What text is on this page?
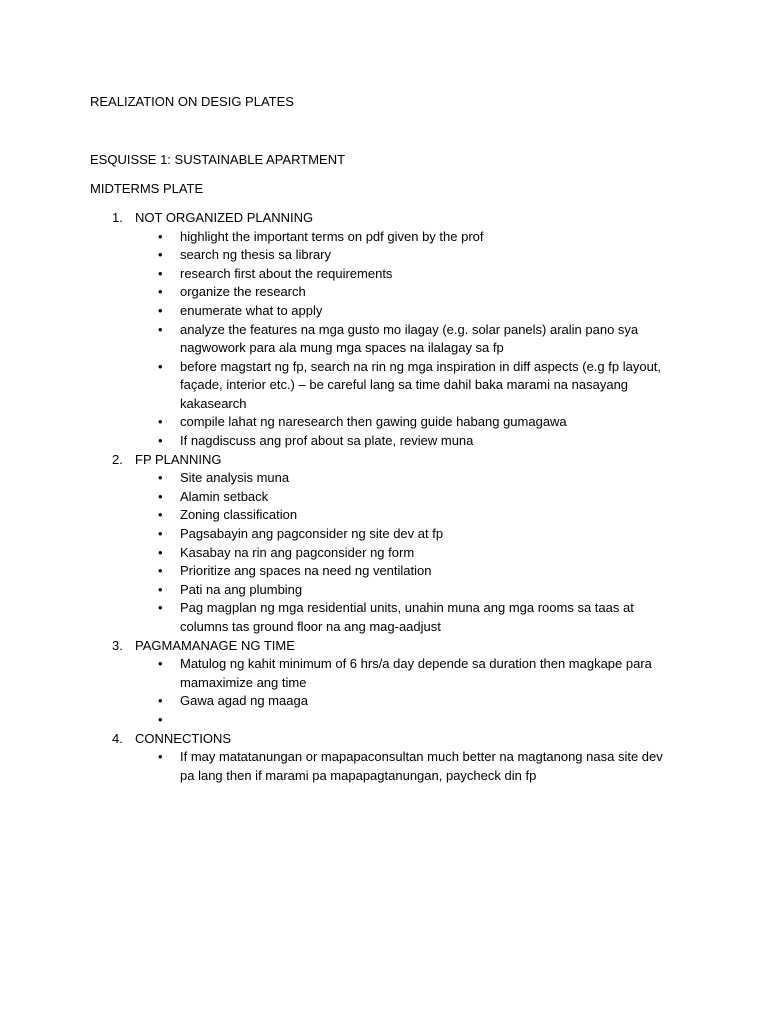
REALIZATION ON DESIG PLATES

ESQUISSE 1: SUSTAINABLE APARTMENT

MIDTERMS PLATE

1. NOT ORGANIZED PLANNING
• highlight the important terms on pdf given by the prof
• search ng thesis sa library
• research first about the requirements
• organize the research
• enumerate what to apply
• analyze the features na mga gusto mo ilagay (e.g. solar panels) aralin pano sya nagwowork para ala mung mga spaces na ilalagay sa fp
• before magstart ng fp, search na rin ng mga inspiration in diff aspects (e.g fp layout, façade, interior etc.) – be careful lang sa time dahil baka marami na nasayang kakasearch
• compile lahat ng naresearch then gawing guide habang gumagawa
• If nagdiscuss ang prof about sa plate, review muna
2. FP PLANNING
• Site analysis muna
• Alamin setback
• Zoning classification
• Pagsabayin ang pagconsider ng site dev at fp
• Kasabay na rin ang pagconsider ng form
• Prioritize ang spaces na need ng ventilation
• Pati na ang plumbing
• Pag magplan ng mga residential units, unahin muna ang mga rooms sa taas at columns tas ground floor na ang mag-aadjust
3. PAGMAMANAGE NG TIME
• Matulog ng kahit minimum of 6 hrs/a day depende sa duration then magkape para mamaximize ang time
• Gawa agad ng maaga
•
4. CONNECTIONS
• If may matatanungan or mapapaconsultan much better na magtanong nasa site dev pa lang then if marami pa mapapagtanungan, paycheck din fp
